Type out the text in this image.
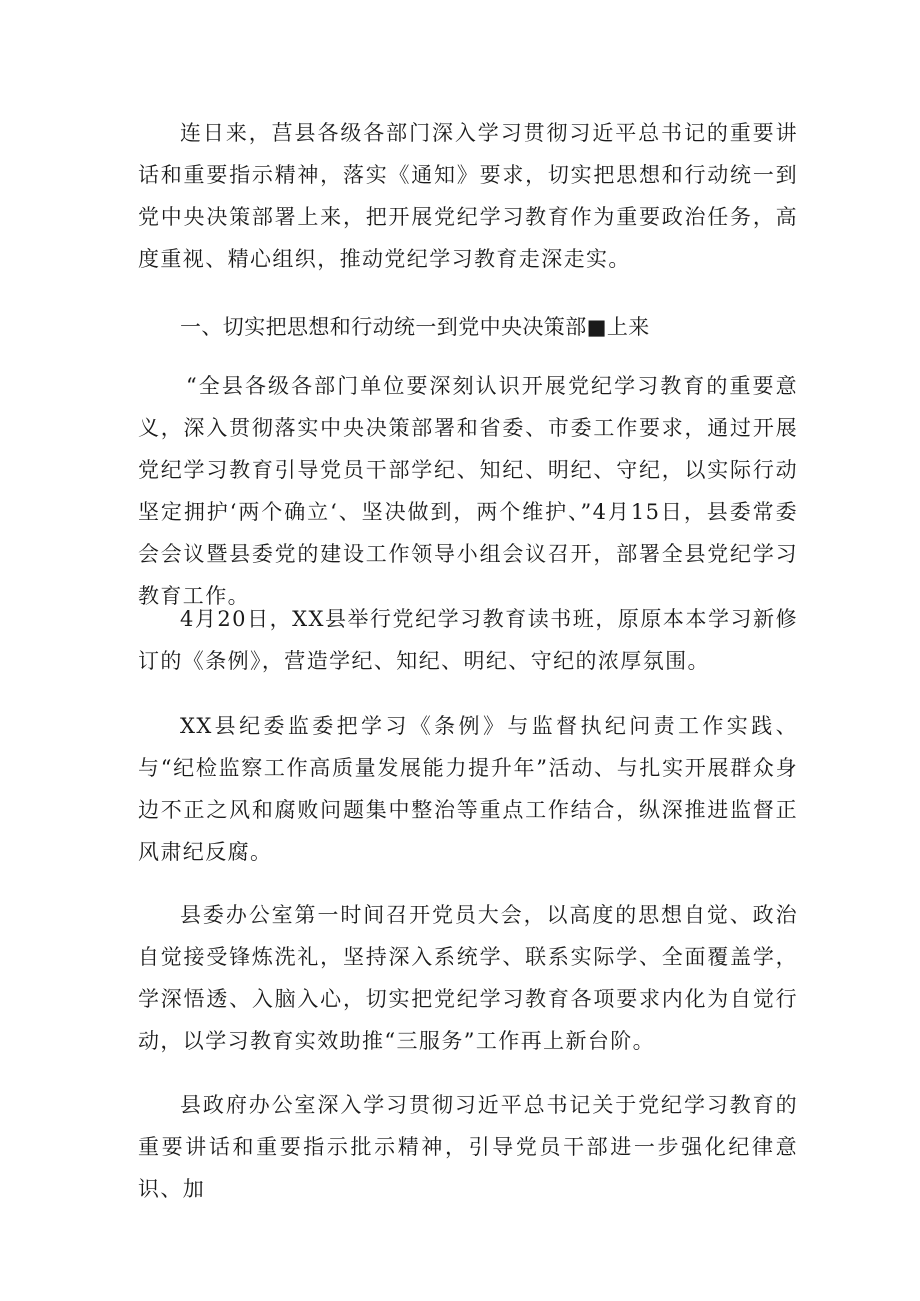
连日来，莒县各级各部门深入学习贯彻习近平总书记的重要讲话和重要指示精神，落实《通知》要求，切实把思想和行动统一到党中央决策部署上来，把开展党纪学习教育作为重要政治任务，高度重视、精心组织，推动党纪学习教育走深走实。

一、切实把思想和行动统一到党中央决策部■上来

“全县各级各部门单位要深刻认识开展党纪学习教育的重要意义，深入贯彻落实中央决策部署和省委、市委工作要求，通过开展党纪学习教育引导党员干部学纪、知纪、明纪、守纪，以实际行动坚定拥护‘两个确立‘、坚决做到，两个维护、”4月15日，县委常委会会议暨县委党的建设工作领导小组会议召开，部署全县党纪学习教育工作。

4月20日，XX县举行党纪学习教育读书班，原原本本学习新修订的《条例》，营造学纪、知纪、明纪、守纪的浓厚氛围。

XX县纪委监委把学习《条例》与监督执纪问责工作实践、与“纪检监察工作高质量发展能力提升年”活动、与扎实开展群众身边不正之风和腐败问题集中整治等重点工作结合，纵深推进监督正风肃纪反腐。

县委办公室第一时间召开党员大会，以高度的思想自觉、政治自觉接受锋炼洗礼，坚持深入系统学、联系实际学、全面覆盖学，学深悟透、入脑入心，切实把党纪学习教育各项要求内化为自觉行动，以学习教育实效助推“三服务”工作再上新台阶。

县政府办公室深入学习贯彻习近平总书记关于党纪学习教育的重要讲话和重要指示批示精神，引导党员干部进一步强化纪律意识、加
